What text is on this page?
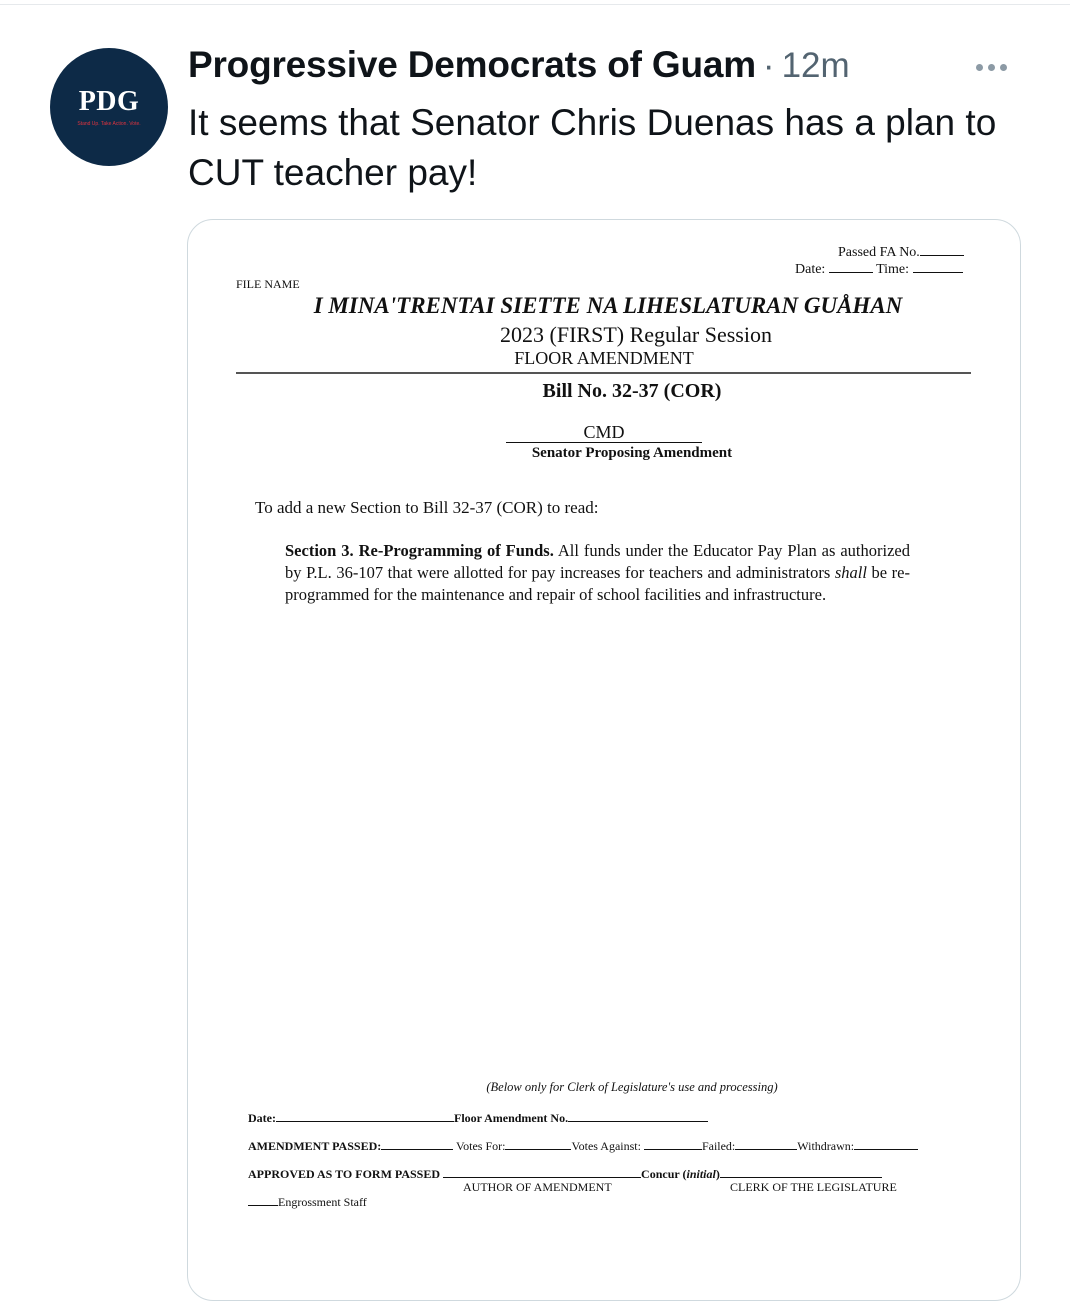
PDG
Stand Up. Take Action. Vote.
Progressive Democrats of Guam · 12m
It seems that Senator Chris Duenas has a plan to CUT teacher pay!
Passed FA No.
Date:	Time:
FILE NAME
I MINA'TRENTAI SIETTE NA LIHESLATURAN GUÅHAN
2023 (FIRST) Regular Session
FLOOR AMENDMENT
Bill No. 32-37 (COR)
CMD
Senator Proposing Amendment
To add a new Section to Bill 32-37 (COR) to read:
Section 3. Re-Programming of Funds. All funds under the Educator Pay Plan as authorized by P.L. 36-107 that were allotted for pay increases for teachers and administrators shall be re-programmed for the maintenance and repair of school facilities and infrastructure.
(Below only for Clerk of Legislature's use and processing)
Date:	Floor Amendment No.
AMENDMENT PASSED:	Votes For:	Votes Against:	Failed:	Withdrawn:
APPROVED AS TO FORM PASSED	Concur (initial)
AUTHOR OF AMENDMENT	CLERK OF THE LEGISLATURE
Engrossment Staff
